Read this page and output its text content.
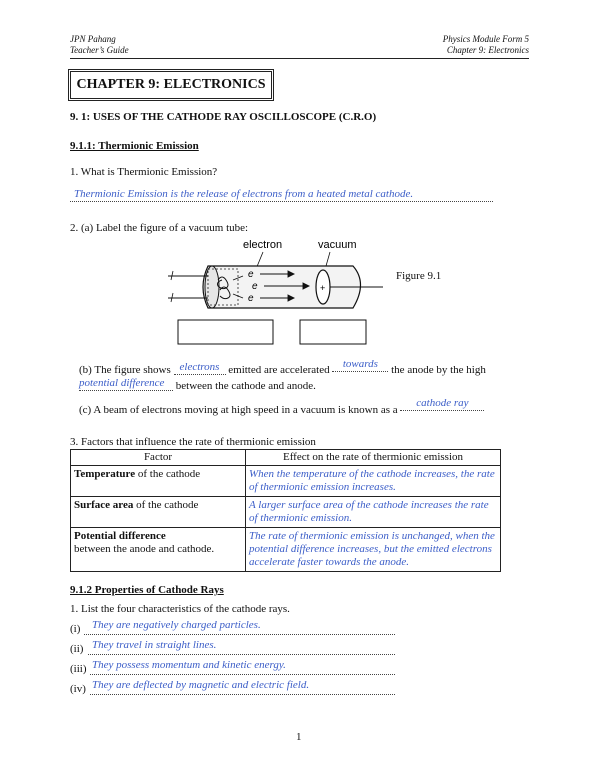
JPN Pahang
Teacher’s Guide
Physics Module Form 5
Chapter 9: Electronics
CHAPTER 9: ELECTRONICS
9. 1: USES OF THE CATHODE RAY OSCILLOSCOPE (C.R.O)
9.1.1: Thermionic Emission
1. What is Thermionic Emission?
Thermionic Emission is the release of electrons from a heated metal cathode.
2. (a) Label the figure of a vacuum tube:
electron	vacuum
e
e
e
+
Figure 9.1
(b) The figure shows electrons emitted are accelerated towards the anode by the high
potential difference between the cathode and anode.
(c) A beam of electrons moving at high speed in a vacuum is known as a cathode ray
3. Factors that influence the rate of thermionic emission
Factor	Effect on the rate of thermionic emission
Temperature of the cathode	When the temperature of the cathode increases, the rate of thermionic emission increases.
Surface area of the cathode	A larger surface area of the cathode increases the rate of thermionic emission.
Potential difference
between the anode and cathode.	The rate of thermionic emission is unchanged, when the potential difference increases, but the emitted electrons accelerate faster towards the anode.
9.1.2 Properties of Cathode Rays
1. List the four characteristics of the cathode rays.
(i) They are negatively charged particles.
(ii) They travel in straight lines.
(iii) They possess momentum and kinetic energy.
(iv) They are deflected by magnetic and electric field.
1
